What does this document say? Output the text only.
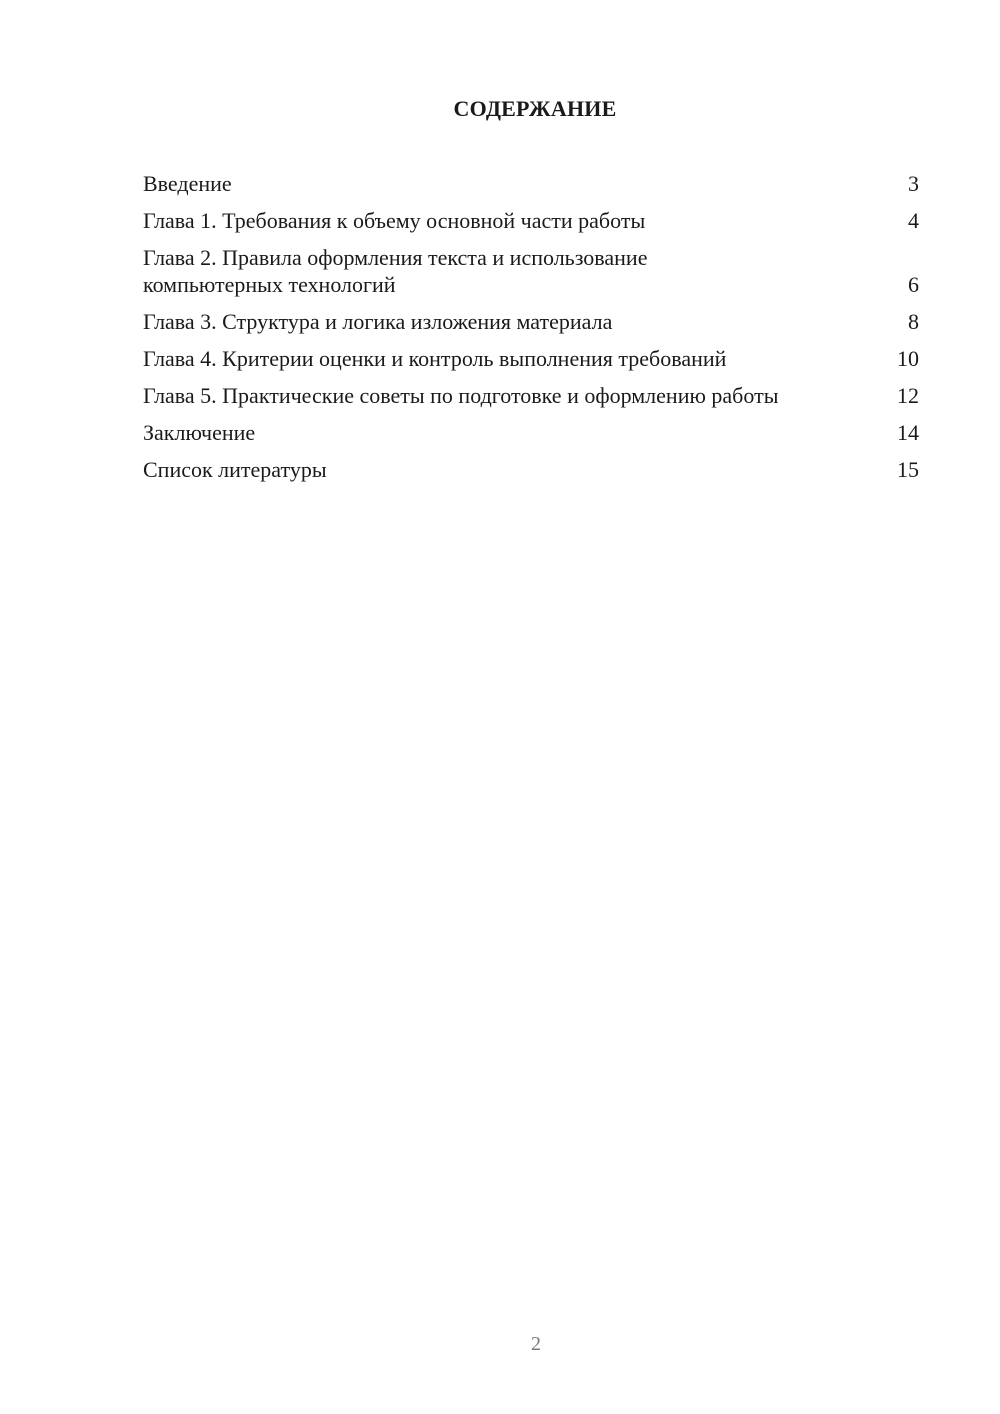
СОДЕРЖАНИЕ
Введение	3
Глава 1. Требования к объему основной части работы	4
Глава 2. Правила оформления текста и использование компьютерных технологий	6
Глава 3. Структура и логика изложения материала	8
Глава 4. Критерии оценки и контроль выполнения требований	10
Глава 5. Практические советы по подготовке и оформлению работы	12
Заключение	14
Список литературы	15
2
